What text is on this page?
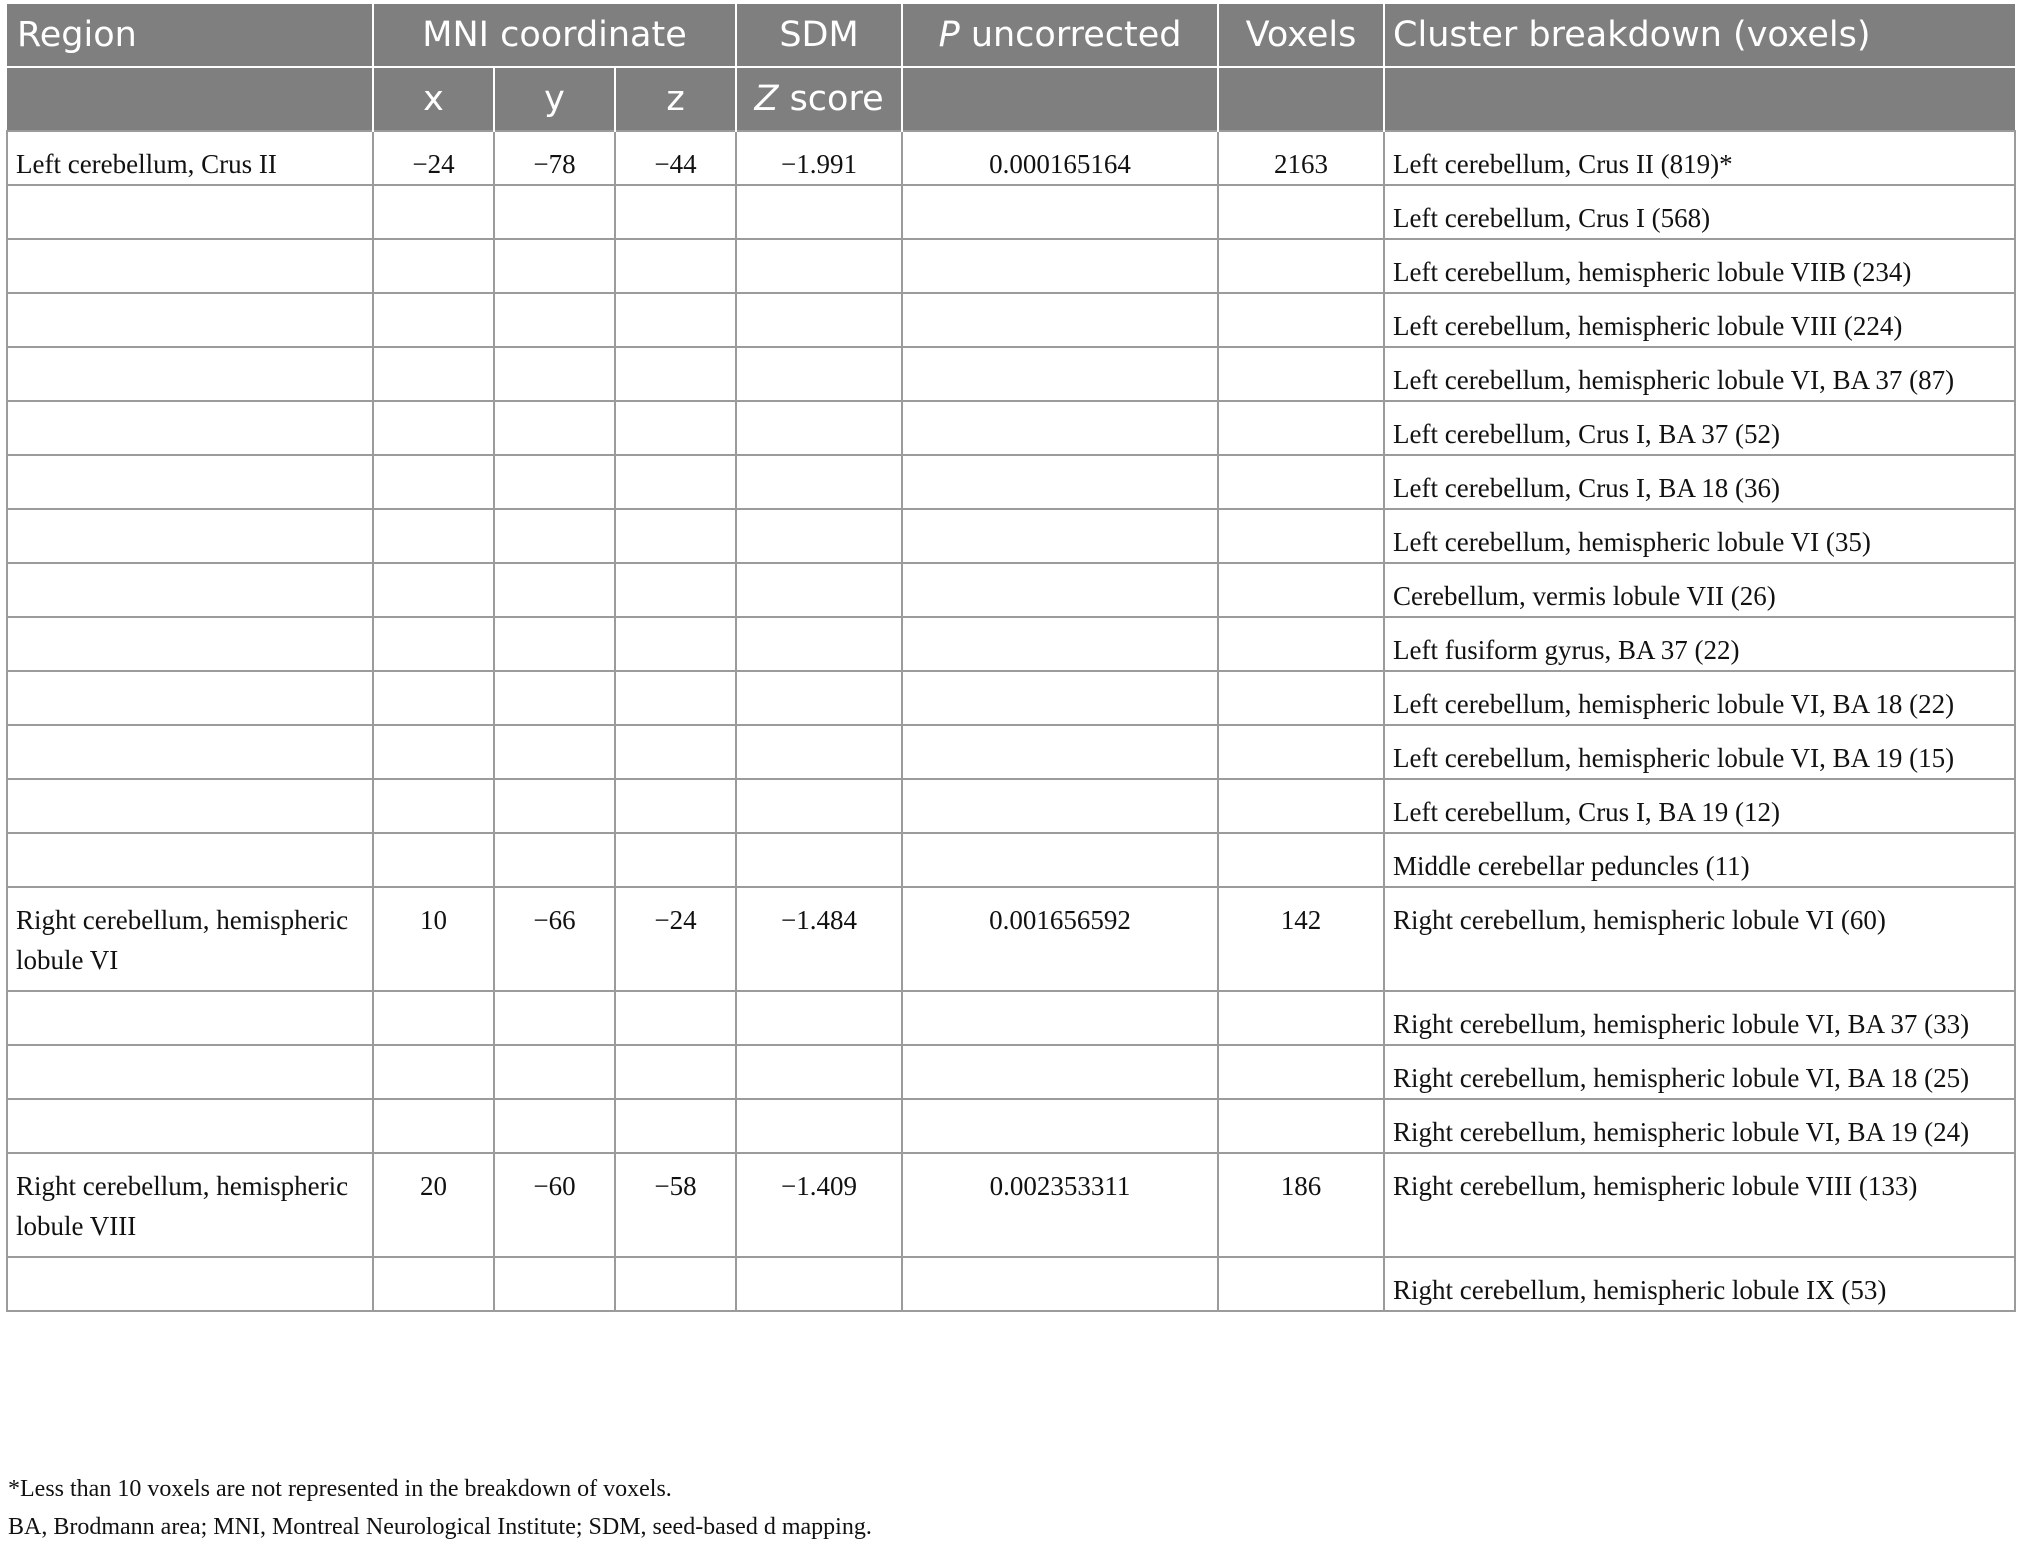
Region	MNI coordinate			SDM	P uncorrected	Voxels	Cluster breakdown (voxels)
	x	y	z	Z score			
Left cerebellum, Crus II	−24	−78	−44	−1.991	0.000165164	2163	Left cerebellum, Crus II (819)*
							Left cerebellum, Crus I (568)
							Left cerebellum, hemispheric lobule VIIB (234)
							Left cerebellum, hemispheric lobule VIII (224)
							Left cerebellum, hemispheric lobule VI, BA 37 (87)
							Left cerebellum, Crus I, BA 37 (52)
							Left cerebellum, Crus I, BA 18 (36)
							Left cerebellum, hemispheric lobule VI (35)
							Cerebellum, vermis lobule VII (26)
							Left fusiform gyrus, BA 37 (22)
							Left cerebellum, hemispheric lobule VI, BA 18 (22)
							Left cerebellum, hemispheric lobule VI, BA 19 (15)
							Left cerebellum, Crus I, BA 19 (12)
							Middle cerebellar peduncles (11)
Right cerebellum, hemispheric lobule VI	10	−66	−24	−1.484	0.001656592	142	Right cerebellum, hemispheric lobule VI (60)
							Right cerebellum, hemispheric lobule VI, BA 37 (33)
							Right cerebellum, hemispheric lobule VI, BA 18 (25)
							Right cerebellum, hemispheric lobule VI, BA 19 (24)
Right cerebellum, hemispheric lobule VIII	20	−60	−58	−1.409	0.002353311	186	Right cerebellum, hemispheric lobule VIII (133)
							Right cerebellum, hemispheric lobule IX (53)
*Less than 10 voxels are not represented in the breakdown of voxels.
BA, Brodmann area; MNI, Montreal Neurological Institute; SDM, seed-based d mapping.
